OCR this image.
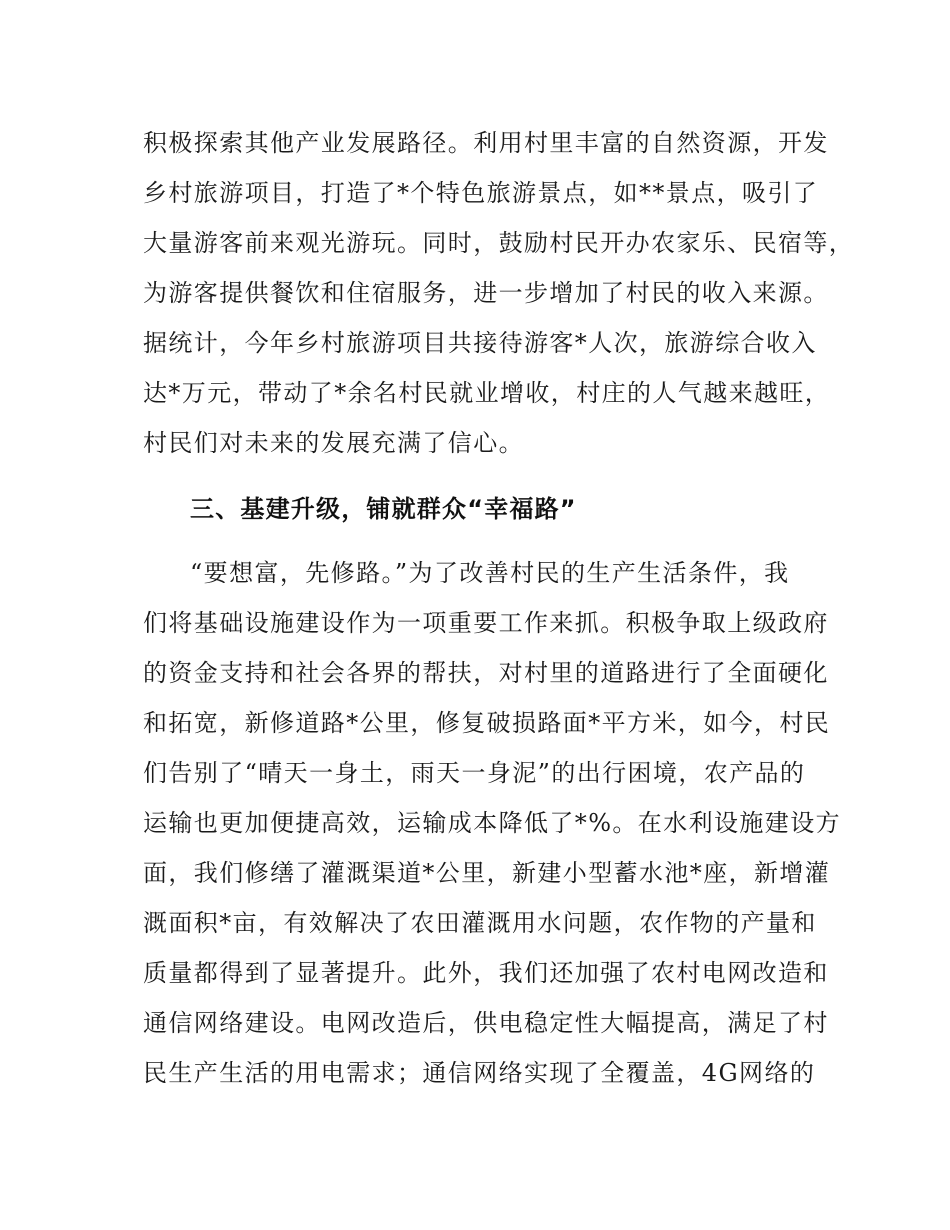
积极探索其他产业发展路径。利用村里丰富的自然资源，开发
乡村旅游项目，打造了*个特色旅游景点，如**景点，吸引了
大量游客前来观光游玩。同时，鼓励村民开办农家乐、民宿等，
为游客提供餐饮和住宿服务，进一步增加了村民的收入来源。
据统计，今年乡村旅游项目共接待游客*人次，旅游综合收入
达*万元，带动了*余名村民就业增收，村庄的人气越来越旺，
村民们对未来的发展充满了信心。
三、基建升级，铺就群众“幸福路”
“要想富，先修路。”为了改善村民的生产生活条件，我
们将基础设施建设作为一项重要工作来抓。积极争取上级政府
的资金支持和社会各界的帮扶，对村里的道路进行了全面硬化
和拓宽，新修道路*公里，修复破损路面*平方米，如今，村民
们告别了“晴天一身土，雨天一身泥”的出行困境，农产品的
运输也更加便捷高效，运输成本降低了*%。在水利设施建设方
面，我们修缮了灌溉渠道*公里，新建小型蓄水池*座，新增灌
溉面积*亩，有效解决了农田灌溉用水问题，农作物的产量和
质量都得到了显著提升。此外，我们还加强了农村电网改造和
通信网络建设。电网改造后，供电稳定性大幅提高，满足了村
民生产生活的用电需求；通信网络实现了全覆盖，4G网络的
